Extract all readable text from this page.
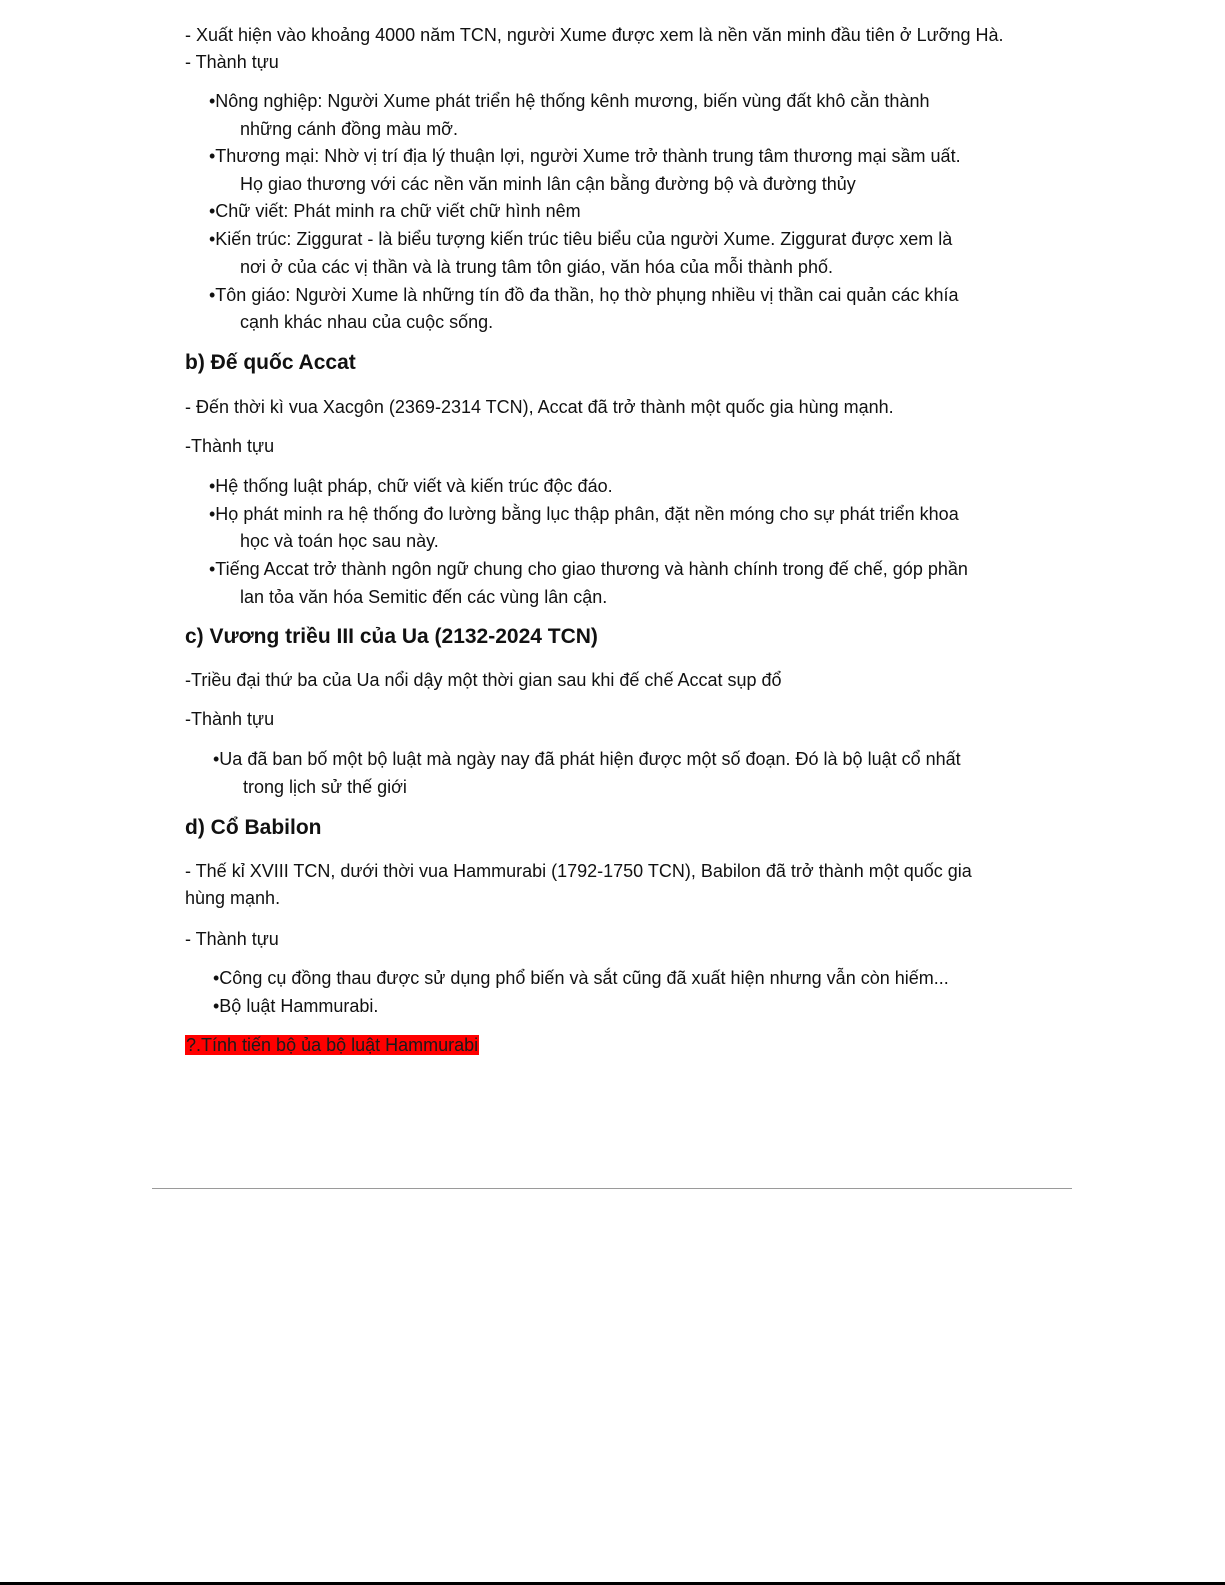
- Xuất hiện vào khoảng 4000 năm TCN, người Xume được xem là nền văn minh đầu tiên ở Lưỡng Hà.
- Thành tựu
•Nông nghiệp: Người Xume phát triển hệ thống kênh mương, biến vùng đất khô cằn thành
những cánh đồng màu mỡ.
•Thương mại: Nhờ vị trí địa lý thuận lợi, người Xume trở thành trung tâm thương mại sầm uất.
Họ giao thương với các nền văn minh lân cận bằng đường bộ và đường thủy
•Chữ viết: Phát minh ra chữ viết chữ hình nêm
•Kiến trúc: Ziggurat - là biểu tượng kiến trúc tiêu biểu của người Xume. Ziggurat được xem là
nơi ở của các vị thần và là trung tâm tôn giáo, văn hóa của mỗi thành phố.
•Tôn giáo: Người Xume là những tín đồ đa thần, họ thờ phụng nhiều vị thần cai quản các khía
cạnh khác nhau của cuộc sống.
b) Đế quốc Accat
- Đến thời kì vua Xacgôn (2369-2314 TCN), Accat đã trở thành một quốc gia hùng mạnh.
-Thành tựu
•Hệ thống luật pháp, chữ viết và kiến trúc độc đáo.
•Họ phát minh ra hệ thống đo lường bằng lục thập phân, đặt nền móng cho sự phát triển khoa
học và toán học sau này.
•Tiếng Accat trở thành ngôn ngữ chung cho giao thương và hành chính trong đế chế, góp phần
lan tỏa văn hóa Semitic đến các vùng lân cận.
c) Vương triều III của Ua (2132-2024 TCN)
-Triều đại thứ ba của Ua nổi dậy một thời gian sau khi đế chế Accat sụp đổ
-Thành tựu
•Ua đã ban bố một bộ luật mà ngày nay đã phát hiện được một số đoạn. Đó là bộ luật cổ nhất
trong lịch sử thế giới
d) Cổ Babilon
- Thế kỉ XVIII TCN, dưới thời vua Hammurabi (1792-1750 TCN), Babilon đã trở thành một quốc gia
hùng mạnh.
- Thành tựu
•Công cụ đồng thau được sử dụng phổ biến và sắt cũng đã xuất hiện nhưng vẫn còn hiếm...
•Bộ luật Hammurabi.
?.Tính tiến bộ ủa bộ luật Hammurabi
